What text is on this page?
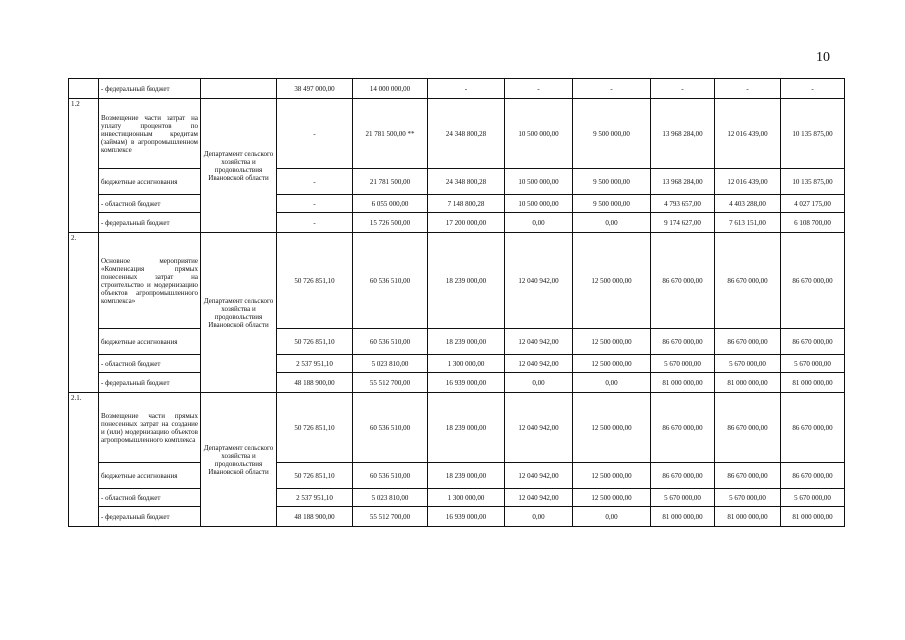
10
	- федеральный бюджет		38 497 000,00	14 000 000,00	-	-	-	-	-	-
1.2	Возмещение части затрат на уплату процентов по инвестиционным кредитам (займам) в агропромышленном комплексе	Департамент сельского хозяйства и продовольствия Ивановской области	-	21 781 500,00 **	24 348 800,28	10 500 000,00	9 500 000,00	13 968 284,00	12 016 439,00	10 135 875,00
	бюджетные ассигнования		-	21 781 500,00	24 348 800,28	10 500 000,00	9 500 000,00	13 968 284,00	12 016 439,00	10 135 875,00
	- областной бюджет		-	6 055 000,00	7 148 800,28	10 500 000,00	9 500 000,00	4 793 657,00	4 403 288,00	4 027 175,00
	- федеральный бюджет		-	15 726 500,00	17 200 000,00	0,00	0,00	9 174 627,00	7 613 151,00	6 108 700,00
2.	Основное мероприятие «Компенсация прямых понесенных затрат на строительство и модернизацию объектов агропромышленного комплекса»	Департамент сельского хозяйства и продовольствия Ивановской области	50 726 851,10	60 536 510,00	18 239 000,00	12 040 942,00	12 500 000,00	86 670 000,00	86 670 000,00	86 670 000,00
	бюджетные ассигнования		50 726 851,10	60 536 510,00	18 239 000,00	12 040 942,00	12 500 000,00	86 670 000,00	86 670 000,00	86 670 000,00
	- областной бюджет		2 537 951,10	5 023 810,00	1 300 000,00	12 040 942,00	12 500 000,00	5 670 000,00	5 670 000,00	5 670 000,00
	- федеральный бюджет		48 188 900,00	55 512 700,00	16 939 000,00	0,00	0,00	81 000 000,00	81 000 000,00	81 000 000,00
2.1.	Возмещение части прямых понесенных затрат на создание и (или) модернизацию объектов агропромышленного комплекса	Департамент сельского хозяйства и продовольствия Ивановской области	50 726 851,10	60 536 510,00	18 239 000,00	12 040 942,00	12 500 000,00	86 670 000,00	86 670 000,00	86 670 000,00
	бюджетные ассигнования		50 726 851,10	60 536 510,00	18 239 000,00	12 040 942,00	12 500 000,00	86 670 000,00	86 670 000,00	86 670 000,00
	- областной бюджет		2 537 951,10	5 023 810,00	1 300 000,00	12 040 942,00	12 500 000,00	5 670 000,00	5 670 000,00	5 670 000,00
	- федеральный бюджет		48 188 900,00	55 512 700,00	16 939 000,00	0,00	0,00	81 000 000,00	81 000 000,00	81 000 000,00
